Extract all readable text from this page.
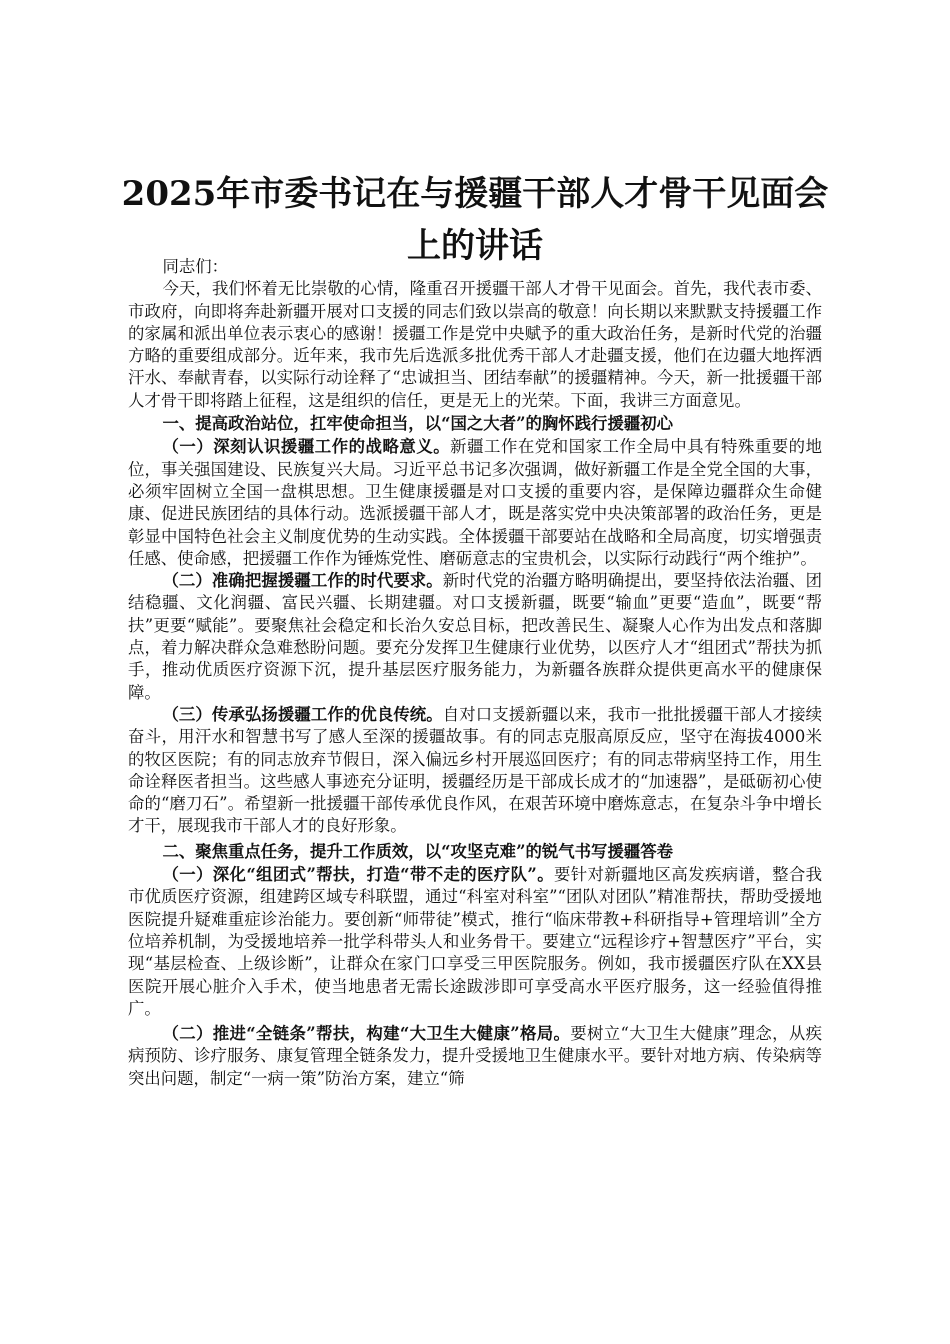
2025年市委书记在与援疆干部人才骨干见面会上的讲话

同志们：

今天，我们怀着无比崇敬的心情，隆重召开援疆干部人才骨干见面会。首先，我代表市委、市政府，向即将奔赴新疆开展对口支援的同志们致以崇高的敬意！向长期以来默默支持援疆工作的家属和派出单位表示衷心的感谢！援疆工作是党中央赋予的重大政治任务，是新时代党的治疆方略的重要组成部分。近年来，我市先后选派多批优秀干部人才赴疆支援，他们在边疆大地挥洒汗水、奉献青春，以实际行动诠释了“忠诚担当、团结奉献”的援疆精神。今天，新一批援疆干部人才骨干即将踏上征程，这是组织的信任，更是无上的光荣。下面，我讲三方面意见。

一、提高政治站位，扛牢使命担当，以“国之大者”的胸怀践行援疆初心

（一）深刻认识援疆工作的战略意义。新疆工作在党和国家工作全局中具有特殊重要的地位，事关强国建设、民族复兴大局。习近平总书记多次强调，做好新疆工作是全党全国的大事，必须牢固树立全国一盘棋思想。卫生健康援疆是对口支援的重要内容，是保障边疆群众生命健康、促进民族团结的具体行动。选派援疆干部人才，既是落实党中央决策部署的政治任务，更是彰显中国特色社会主义制度优势的生动实践。全体援疆干部要站在战略和全局高度，切实增强责任感、使命感，把援疆工作作为锤炼党性、磨砺意志的宝贵机会，以实际行动践行“两个维护”。

（二）准确把握援疆工作的时代要求。新时代党的治疆方略明确提出，要坚持依法治疆、团结稳疆、文化润疆、富民兴疆、长期建疆。对口支援新疆，既要“输血”更要“造血”，既要“帮扶”更要“赋能”。要聚焦社会稳定和长治久安总目标，把改善民生、凝聚人心作为出发点和落脚点，着力解决群众急难愁盼问题。要充分发挥卫生健康行业优势，以医疗人才“组团式”帮扶为抓手，推动优质医疗资源下沉，提升基层医疗服务能力，为新疆各族群众提供更高水平的健康保障。

（三）传承弘扬援疆工作的优良传统。自对口支援新疆以来，我市一批批援疆干部人才接续奋斗，用汗水和智慧书写了感人至深的援疆故事。有的同志克服高原反应，坚守在海拔4000米的牧区医院；有的同志放弃节假日，深入偏远乡村开展巡回医疗；有的同志带病坚持工作，用生命诠释医者担当。这些感人事迹充分证明，援疆经历是干部成长成才的“加速器”，是砥砺初心使命的“磨刀石”。希望新一批援疆干部传承优良作风，在艰苦环境中磨炼意志，在复杂斗争中增长才干，展现我市干部人才的良好形象。

二、聚焦重点任务，提升工作质效，以“攻坚克难”的锐气书写援疆答卷

（一）深化“组团式”帮扶，打造“带不走的医疗队”。要针对新疆地区高发疾病谱，整合我市优质医疗资源，组建跨区域专科联盟，通过“科室对科室”“团队对团队”精准帮扶，帮助受援地医院提升疑难重症诊治能力。要创新“师带徒”模式，推行“临床带教+科研指导+管理培训”全方位培养机制，为受援地培养一批学科带头人和业务骨干。要建立“远程诊疗+智慧医疗”平台，实现“基层检查、上级诊断”，让群众在家门口享受三甲医院服务。例如，我市援疆医疗队在XX县医院开展心脏介入手术，使当地患者无需长途跋涉即可享受高水平医疗服务，这一经验值得推广。

（二）推进“全链条”帮扶，构建“大卫生大健康”格局。要树立“大卫生大健康”理念，从疾病预防、诊疗服务、康复管理全链条发力，提升受援地卫生健康水平。要针对地方病、传染病等突出问题，制定“一病一策”防治方案，建立“筛
